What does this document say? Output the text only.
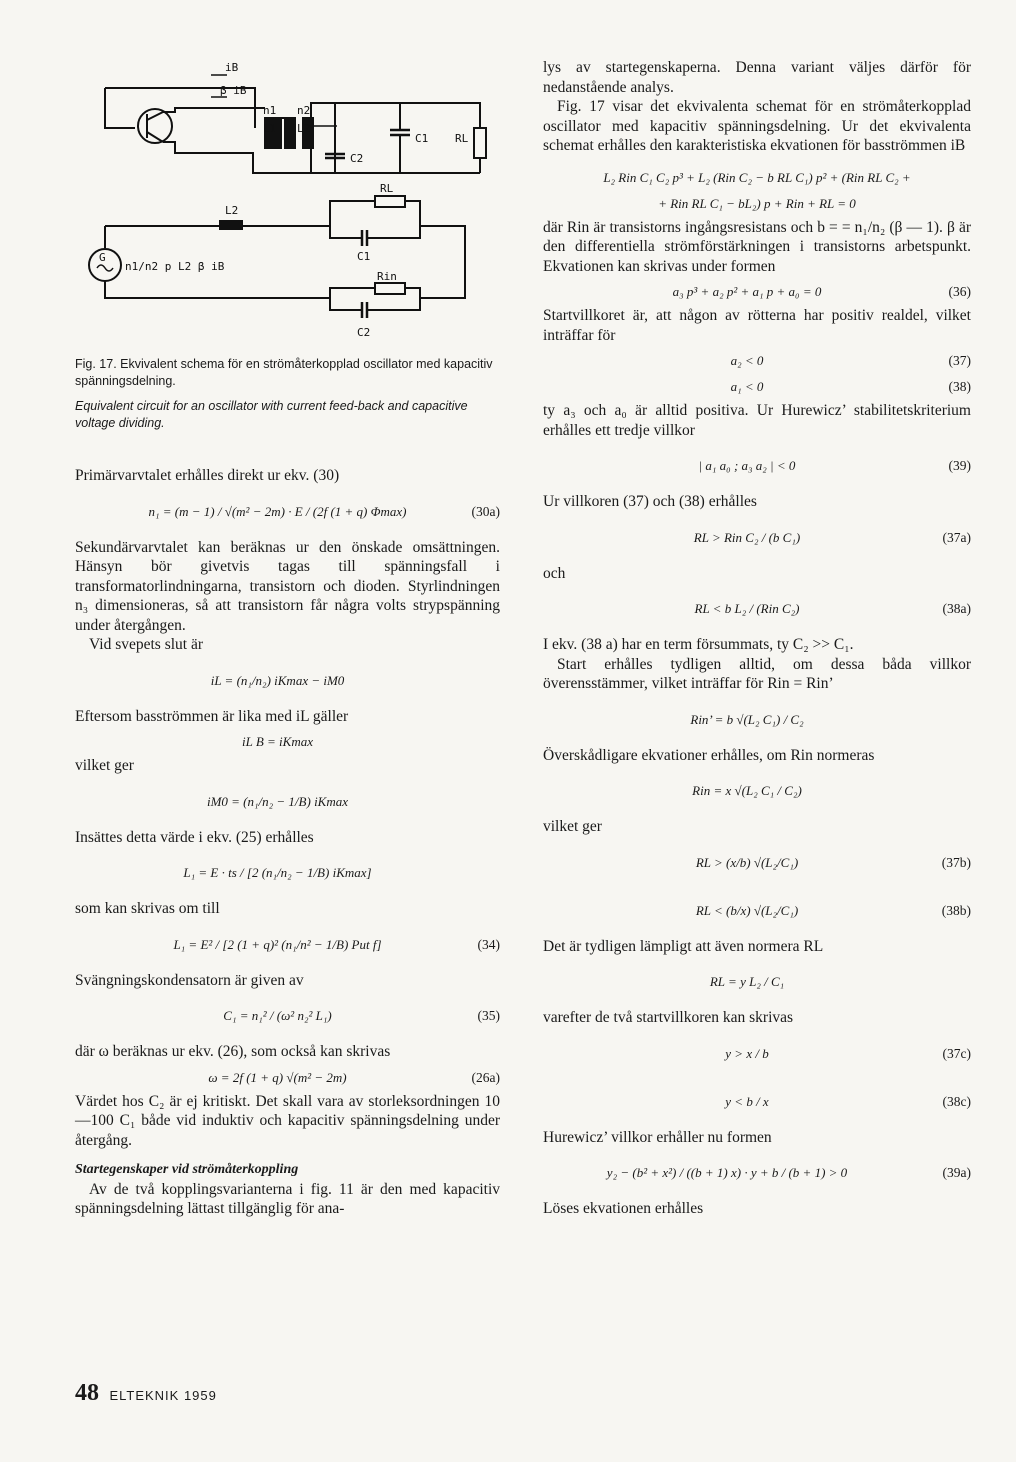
iB
β iB
n1
L1
n2
L2
C1
C2
RL
L2
RL
C1
Rin
C2
G
n1/n2 p L2 β iB

Fig. 17. Ekvivalent schema för en strömåterkopplad oscillator med kapacitiv spänningsdelning.

Equivalent circuit for an oscillator with current feed-back and capacitive voltage dividing.

Primärvarvtalet erhålles direkt ur ekv. (30)

n₁ = (m − 1) / √(m² − 2m) · E / (2f (1 + q) Φmax)	(30a)

Sekundärvarvtalet kan beräknas ur den önskade omsättningen. Hänsyn bör givetvis tagas till spänningsfall i transformatorlindningarna, transistorn och dioden. Styrlindningen n₃ dimensioneras, så att transistorn får några volts strypspänning under återgången.

Vid svepets slut är

iL = (n₁/n₂) iKmax − iM0

Eftersom basströmmen är lika med iL gäller

iL B = iKmax

vilket ger

iM0 = (n₁/n₂ − 1/B) iKmax

Insättes detta värde i ekv. (25) erhålles

L₁ = E · ts / [2 (n₁/n₂ − 1/B) iKmax]

som kan skrivas om till

L₁ = E² / [2 (1 + q)² (n₁/n² − 1/B) Put f]	(34)

Svängningskondensatorn är given av

C₁ = n₁² / (ω² n₂² L₁)	(35)

där ω beräknas ur ekv. (26), som också kan skrivas

ω = 2f (1 + q) √(m² − 2m)	(26a)

Värdet hos C₂ är ej kritiskt. Det skall vara av storleksordningen 10—100 C₁ både vid induktiv och kapacitiv spänningsdelning under återgång.

Startegenskaper vid strömåterkoppling

Av de två kopplingsvarianterna i fig. 11 är den med kapacitiv spänningsdelning lättast tillgänglig för ana-

lys av startegenskaperna. Denna variant väljes därför för nedanstående analys.

Fig. 17 visar det ekvivalenta schemat för en strömåterkopplad oscillator med kapacitiv spänningsdelning. Ur det ekvivalenta schemat erhålles den karakteristiska ekvationen för basströmmen iB

L₂ Rin C₁ C₂ p³ + L₂ (Rin C₂ − b RL C₁) p² + (Rin RL C₂ +
+ Rin RL C₁ − bL₂) p + Rin + RL = 0

där Rin är transistorns ingångsresistans och b = = n₁/n₂ (β — 1). β är den differentiella strömförstärkningen i transistorns arbetspunkt. Ekvationen kan skrivas under formen

a₃ p³ + a₂ p² + a₁ p + a₀ = 0	(36)

Startvillkoret är, att någon av rötterna har positiv realdel, vilket inträffar för

a₂ < 0	(37)
a₁ < 0	(38)

ty a₃ och a₀ är alltid positiva. Ur Hurewicz’ stabilitetskriterium erhålles ett tredje villkor

| a₁ a₀ ; a₃ a₂ | < 0	(39)

Ur villkoren (37) och (38) erhålles

RL > Rin C₂ / (b C₁)	(37a)

och

RL < b L₂ / (Rin C₂)	(38a)

I ekv. (38 a) har en term försummats, ty C₂ >> C₁.

Start erhålles tydligen alltid, om dessa båda villkor överensstämmer, vilket inträffar för Rin = Rin’

Rin’ = b √(L₂ C₁) / C₂

Överskådligare ekvationer erhålles, om Rin normeras

Rin = x √(L₂ C₁ / C₂)

vilket ger

RL > (x/b) √(L₂/C₁)	(37b)
RL < (b/x) √(L₂/C₁)	(38b)

Det är tydligen lämpligt att även normera RL

RL = y L₂ / C₁

varefter de två startvillkoren kan skrivas

y > x / b	(37c)
y < b / x	(38c)

Hurewicz’ villkor erhåller nu formen

y₂ − (b² + x²) / ((b + 1) x) · y + b / (b + 1) > 0	(39a)

Löses ekvationen erhålles

48 ELTEKNIK 1959
